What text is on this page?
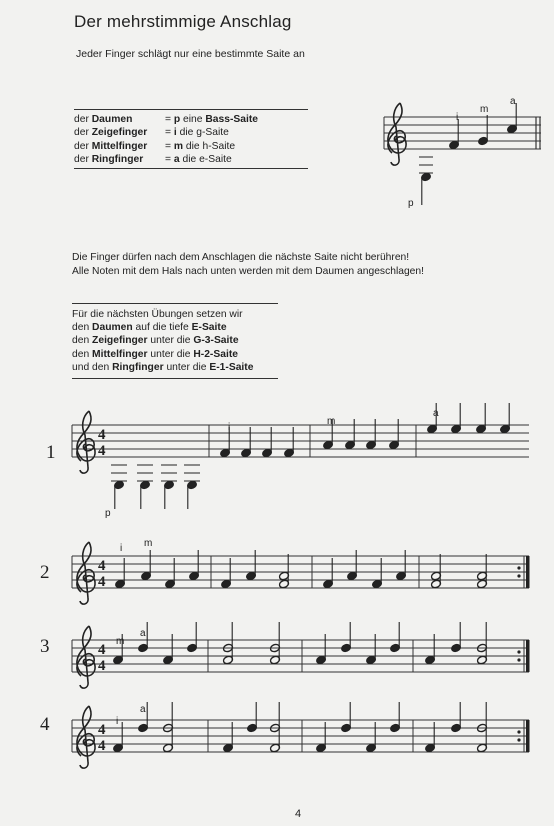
Der mehrstimmige Anschlag
Jeder Finger schlägt nur eine bestimmte Saite an
der Daumen	= p eine Bass-Saite
der Zeigefinger = i die g-Saite
der Mittelfinger = m die h-Saite
der Ringfinger = a die e-Saite
Die Finger dürfen nach dem Anschlagen die nächste Saite nicht berühren!
Alle Noten mit dem Hals nach unten werden mit dem Daumen angeschlagen!
Für die nächsten Übungen setzen wir
den Daumen auf die tiefe E-Saite
den Zeigefinger unter die G-3-Saite
den Mittelfinger unter die H-2-Saite
und den Ringfinger unter die E-1-Saite
i
m
a
p
4
4
i
m
a
p
4
4
i m
4
4
m
a
4
4
i
a
1
2
3
4
4
